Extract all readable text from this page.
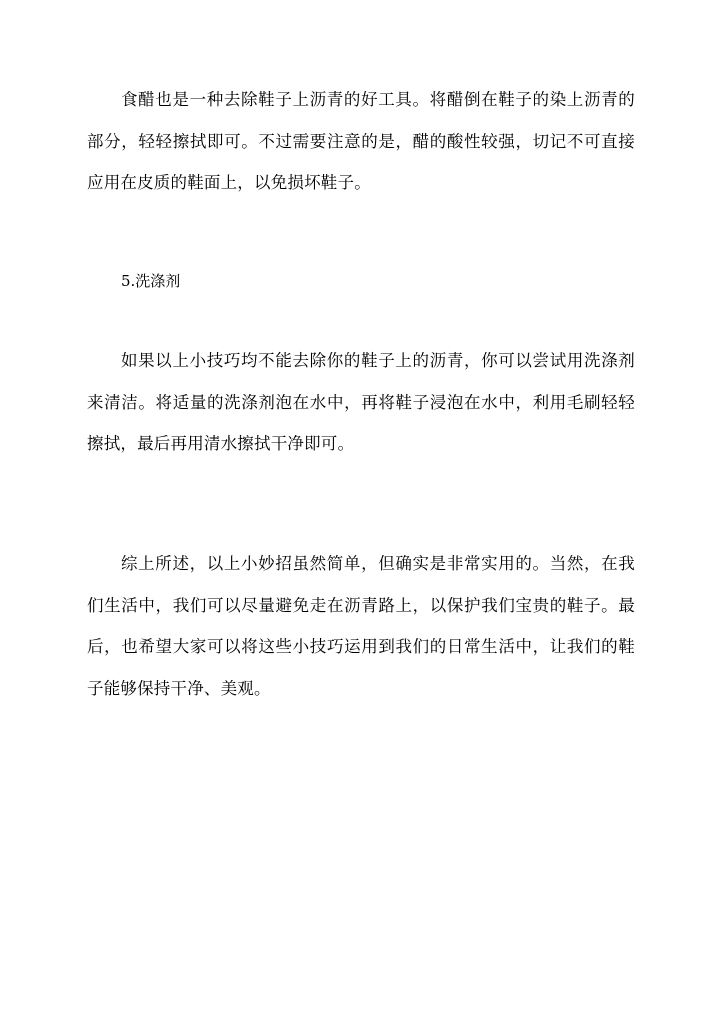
食醋也是一种去除鞋子上沥青的好工具。将醋倒在鞋子的染上沥青的部分，轻轻擦拭即可。不过需要注意的是，醋的酸性较强，切记不可直接应用在皮质的鞋面上，以免损坏鞋子。

5.洗涤剂

如果以上小技巧均不能去除你的鞋子上的沥青，你可以尝试用洗涤剂来清洁。将适量的洗涤剂泡在水中，再将鞋子浸泡在水中，利用毛刷轻轻擦拭，最后再用清水擦拭干净即可。

综上所述，以上小妙招虽然简单，但确实是非常实用的。当然，在我们生活中，我们可以尽量避免走在沥青路上，以保护我们宝贵的鞋子。最后，也希望大家可以将这些小技巧运用到我们的日常生活中，让我们的鞋子能够保持干净、美观。
